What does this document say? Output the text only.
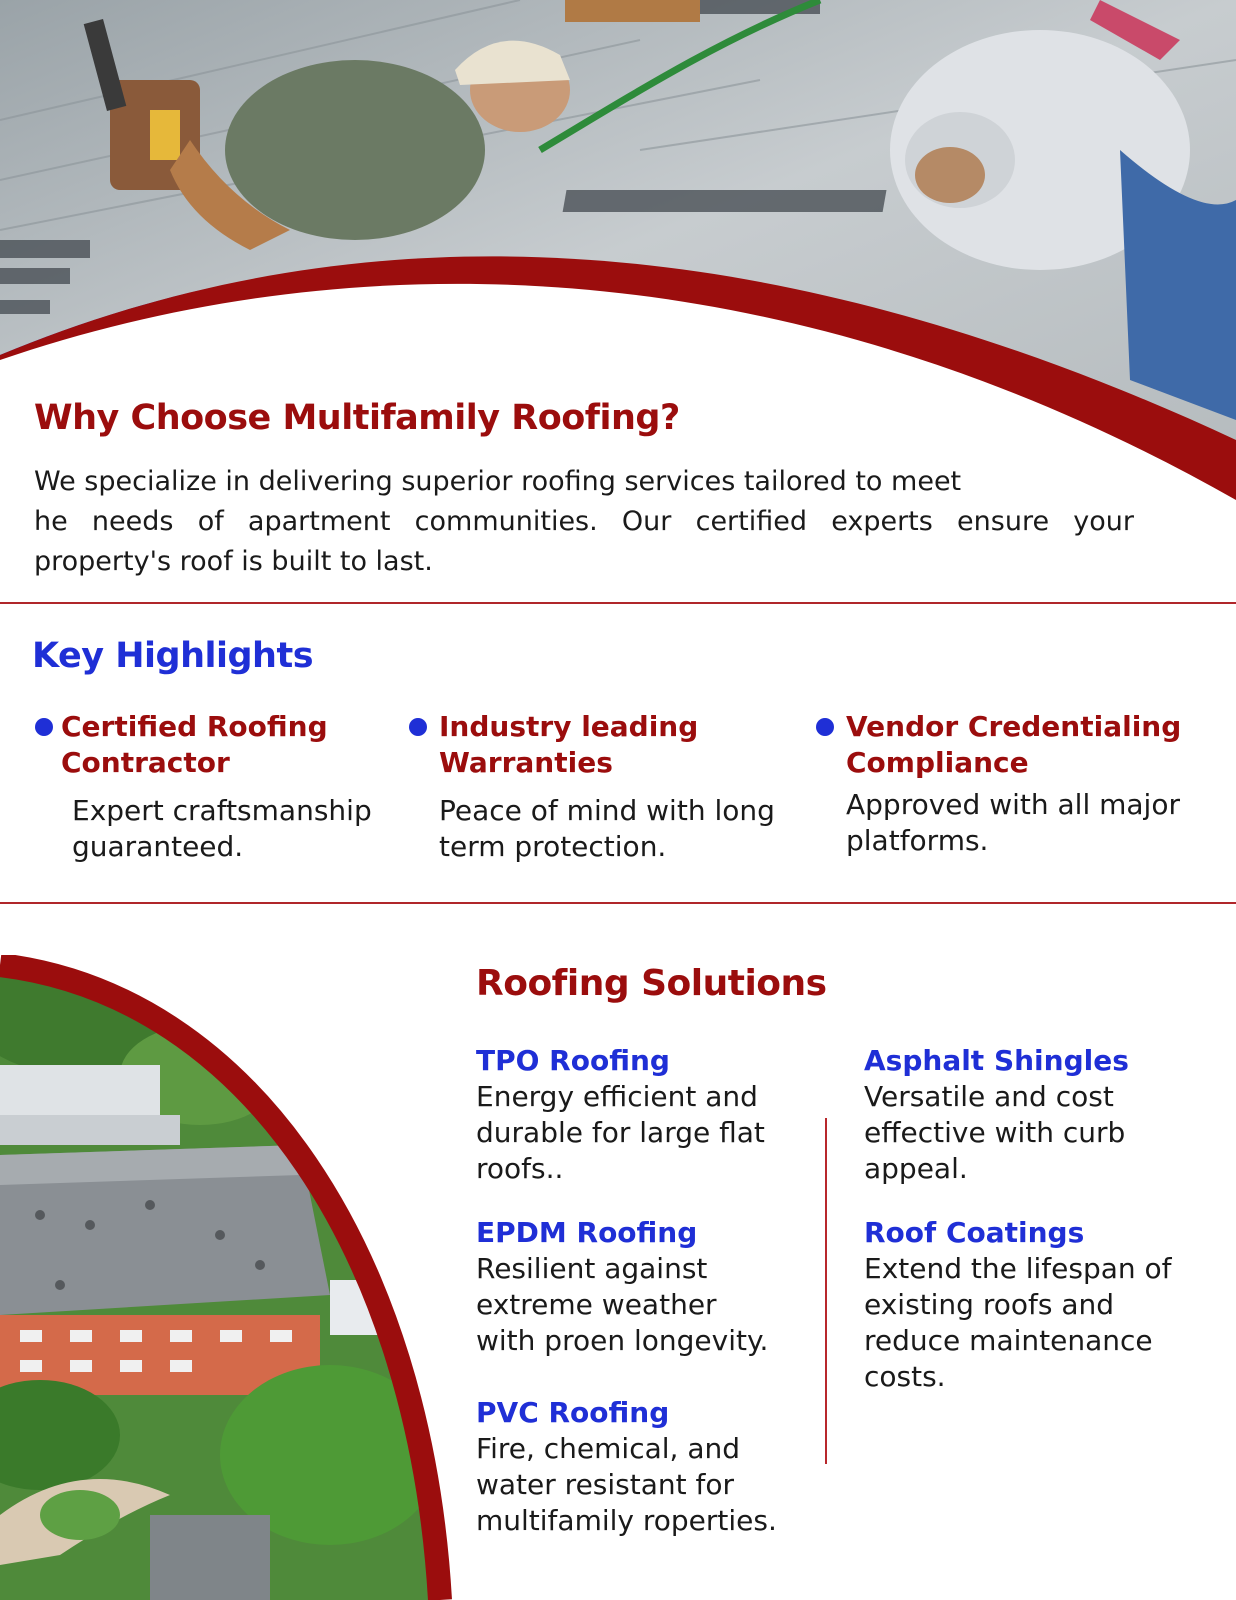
Why Choose Multifamily Roofing?
We specialize in delivering superior roofing services tailored to meet
he needs of apartment communities. Our certified experts ensure your
property's roof is built to last.
Key Highlights
Certified Roofing
Contractor
Expert craftsmanship
guaranteed.
Industry leading
Warranties
Peace of mind with long
term protection.
Vendor Credentialing
Compliance
Approved with all major
platforms.
Roofing Solutions
TPO Roofing
Energy efficient and
durable for large flat
roofs..
EPDM Roofing
Resilient against
extreme weather
with proen longevity.
PVC Roofing
Fire, chemical, and
water resistant for
multifamily roperties.
Asphalt Shingles
Versatile and cost
effective with curb
appeal.
Roof Coatings
Extend the lifespan of
existing roofs and
reduce maintenance
costs.
